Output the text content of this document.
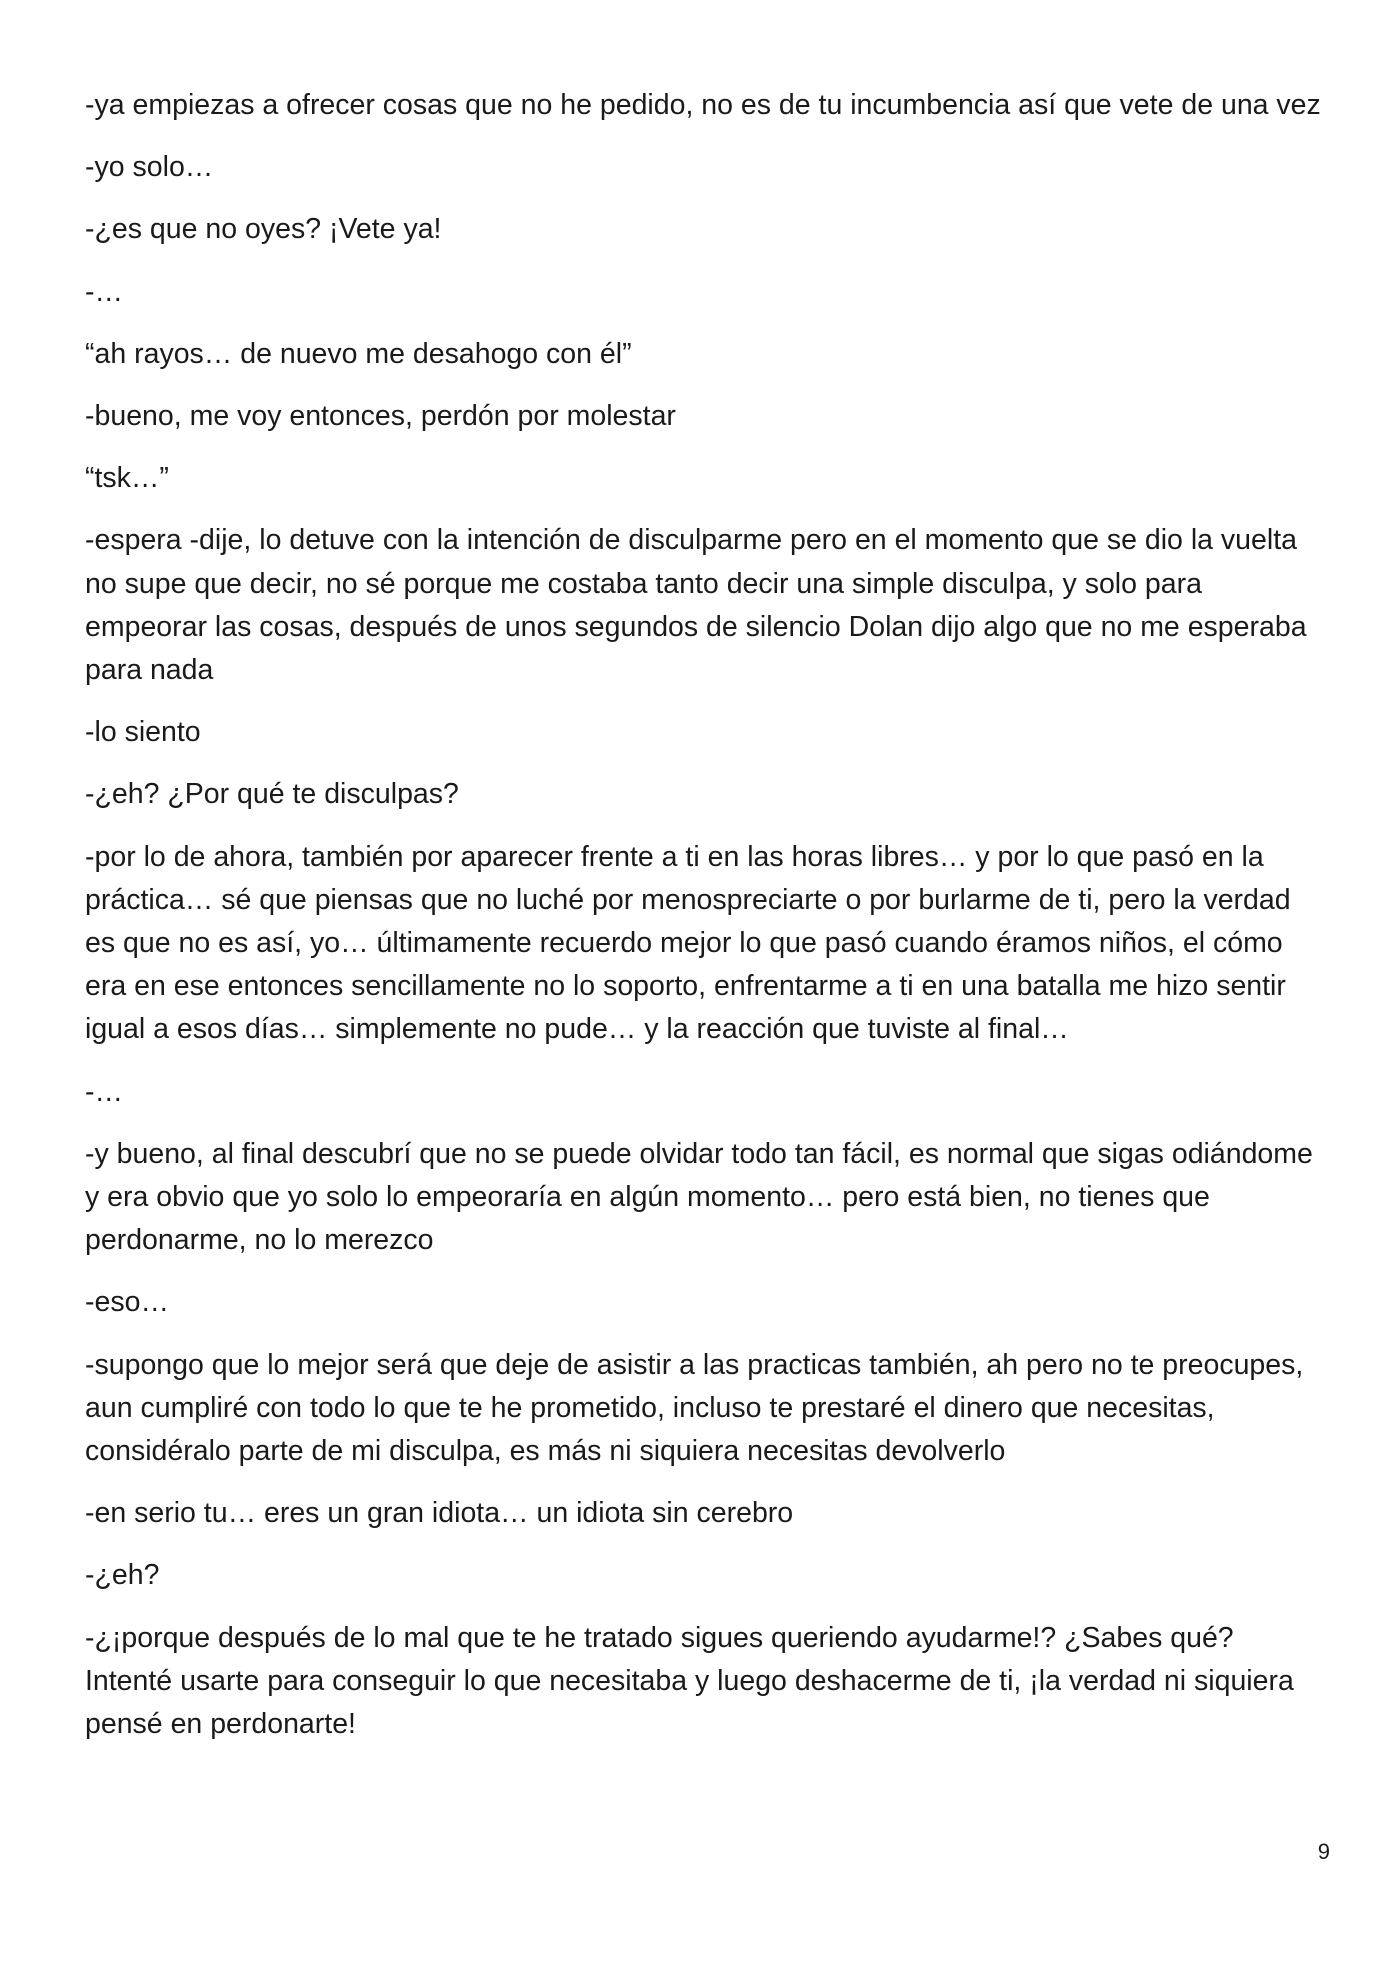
-ya empiezas a ofrecer cosas que no he pedido, no es de tu incumbencia así que vete de una vez

-yo solo…

-¿es que no oyes? ¡Vete ya!

-…

“ah rayos… de nuevo me desahogo con él”

-bueno, me voy entonces, perdón por molestar

“tsk…”

-espera -dije, lo detuve con la intención de disculparme pero en el momento que se dio la vuelta no supe que decir, no sé porque me costaba tanto decir una simple disculpa, y solo para empeorar las cosas, después de unos segundos de silencio Dolan dijo algo que no me esperaba para nada

-lo siento

-¿eh? ¿Por qué te disculpas?

-por lo de ahora, también por aparecer frente a ti en las horas libres… y por lo que pasó en la práctica… sé que piensas que no luché por menospreciarte o por burlarme de ti, pero la verdad es que no es así, yo… últimamente recuerdo mejor lo que pasó cuando éramos niños, el cómo era en ese entonces sencillamente no lo soporto, enfrentarme a ti en una batalla me hizo sentir igual a esos días… simplemente no pude… y la reacción que tuviste al final…

-…

-y bueno, al final descubrí que no se puede olvidar todo tan fácil, es normal que sigas odiándome y era obvio que yo solo lo empeoraría en algún momento… pero está bien, no tienes que perdonarme, no lo merezco

-eso…

-supongo que lo mejor será que deje de asistir a las practicas también, ah pero no te preocupes, aun cumpliré con todo lo que te he prometido, incluso te prestaré el dinero que necesitas, considéralo parte de mi disculpa, es más ni siquiera necesitas devolverlo

-en serio tu… eres un gran idiota… un idiota sin cerebro

-¿eh?

-¿¡porque después de lo mal que te he tratado sigues queriendo ayudarme!? ¿Sabes qué? Intenté usarte para conseguir lo que necesitaba y luego deshacerme de ti, ¡la verdad ni siquiera pensé en perdonarte!

9
